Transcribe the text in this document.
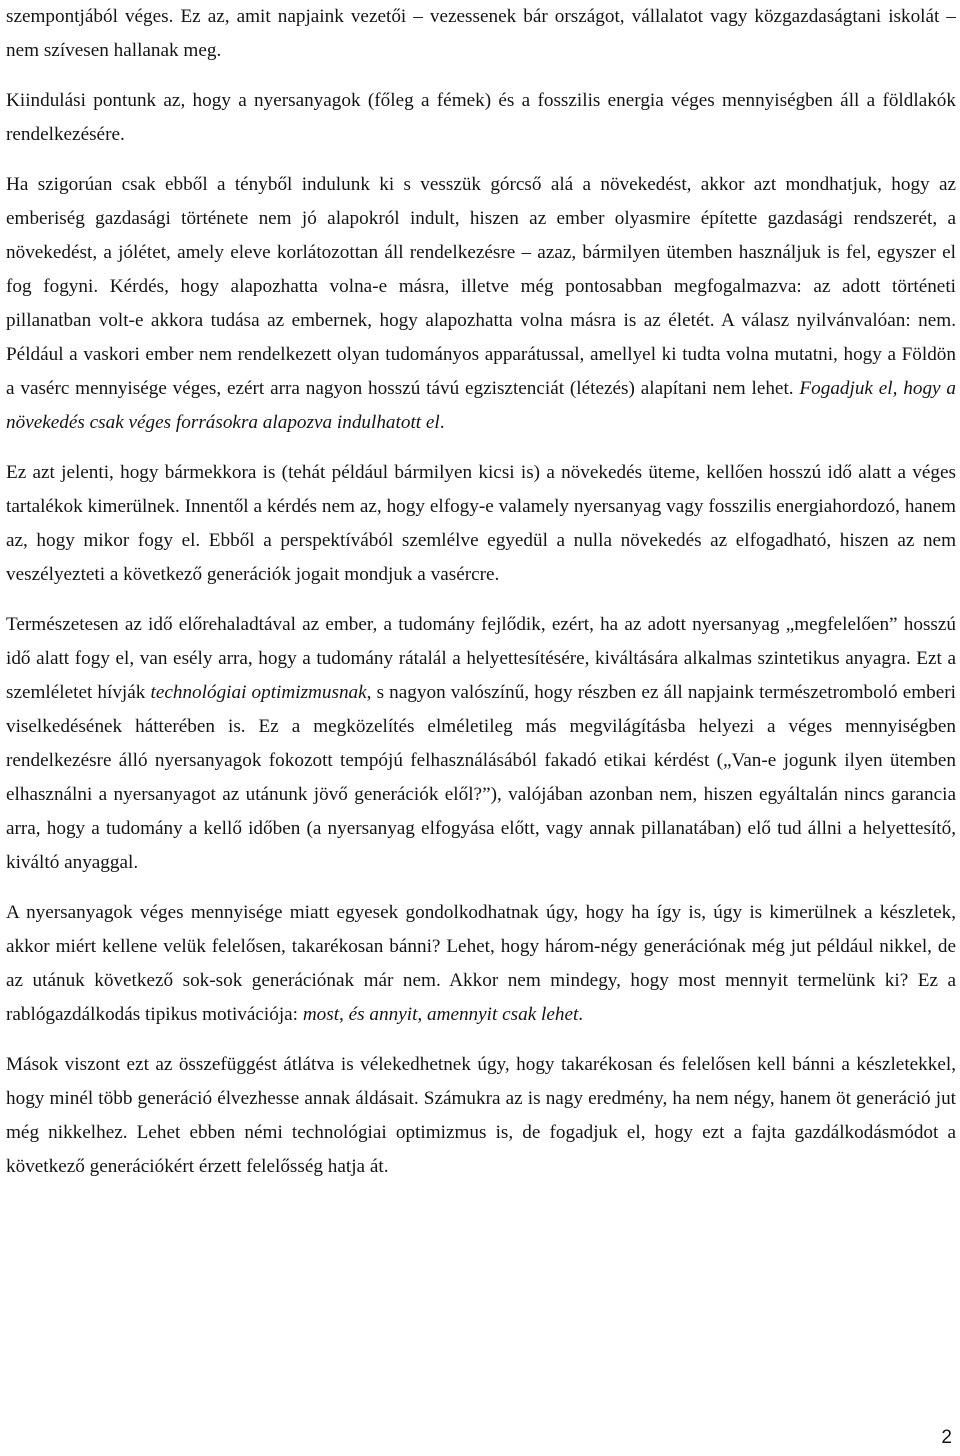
szempontjából véges. Ez az, amit napjaink vezetői – vezessenek bár országot, vállalatot vagy közgazdaságtani iskolát – nem szívesen hallanak meg.

Kiindulási pontunk az, hogy a nyersanyagok (főleg a fémek) és a fosszilis energia véges mennyiségben áll a földlakók rendelkezésére.

Ha szigorúan csak ebből a tényből indulunk ki s vesszük górcső alá a növekedést, akkor azt mondhatjuk, hogy az emberiség gazdasági története nem jó alapokról indult, hiszen az ember olyasmire építette gazdasági rendszerét, a növekedést, a jólétet, amely eleve korlátozottan áll rendelkezésre – azaz, bármilyen ütemben használjuk is fel, egyszer el fog fogyni. Kérdés, hogy alapozhatta volna-e másra, illetve még pontosabban megfogalmazva: az adott történeti pillanatban volt-e akkora tudása az embernek, hogy alapozhatta volna másra is az életét. A válasz nyilvánvalóan: nem. Például a vaskori ember nem rendelkezett olyan tudományos apparátussal, amellyel ki tudta volna mutatni, hogy a Földön a vasérc mennyisége véges, ezért arra nagyon hosszú távú egzisztenciát (létezés) alapítani nem lehet. Fogadjuk el, hogy a növekedés csak véges forrásokra alapozva indulhatott el.

Ez azt jelenti, hogy bármekkora is (tehát például bármilyen kicsi is) a növekedés üteme, kellően hosszú idő alatt a véges tartalékok kimerülnek. Innentől a kérdés nem az, hogy elfogy-e valamely nyersanyag vagy fosszilis energiahordozó, hanem az, hogy mikor fogy el. Ebből a perspektívából szemlélve egyedül a nulla növekedés az elfogadható, hiszen az nem veszélyezteti a következő generációk jogait mondjuk a vasércre.

Természetesen az idő előrehaladtával az ember, a tudomány fejlődik, ezért, ha az adott nyersanyag „megfelelően” hosszú idő alatt fogy el, van esély arra, hogy a tudomány rátalál a helyettesítésére, kiváltására alkalmas szintetikus anyagra. Ezt a szemléletet hívják technológiai optimizmusnak, s nagyon valószínű, hogy részben ez áll napjaink természetromboló emberi viselkedésének hátterében is. Ez a megközelítés elméletileg más megvilágításba helyezi a véges mennyiségben rendelkezésre álló nyersanyagok fokozott tempójú felhasználásából fakadó etikai kérdést („Van-e jogunk ilyen ütemben elhasználni a nyersanyagot az utánunk jövő generációk elől?”), valójában azonban nem, hiszen egyáltalán nincs garancia arra, hogy a tudomány a kellő időben (a nyersanyag elfogyása előtt, vagy annak pillanatában) elő tud állni a helyettesítő, kiváltó anyaggal.

A nyersanyagok véges mennyisége miatt egyesek gondolkodhatnak úgy, hogy ha így is, úgy is kimerülnek a készletek, akkor miért kellene velük felelősen, takarékosan bánni? Lehet, hogy három-négy generációnak még jut például nikkel, de az utánuk következő sok-sok generációnak már nem. Akkor nem mindegy, hogy most mennyit termelünk ki? Ez a rablógazdálkodás tipikus motivációja: most, és annyit, amennyit csak lehet.

Mások viszont ezt az összefüggést átlátva is vélekedhetnek úgy, hogy takarékosan és felelősen kell bánni a készletekkel, hogy minél több generáció élvezhesse annak áldásait. Számukra az is nagy eredmény, ha nem négy, hanem öt generáció jut még nikkelhez. Lehet ebben némi technológiai optimizmus is, de fogadjuk el, hogy ezt a fajta gazdálkodásmódot a következő generációkért érzett felelősség hatja át.

2
